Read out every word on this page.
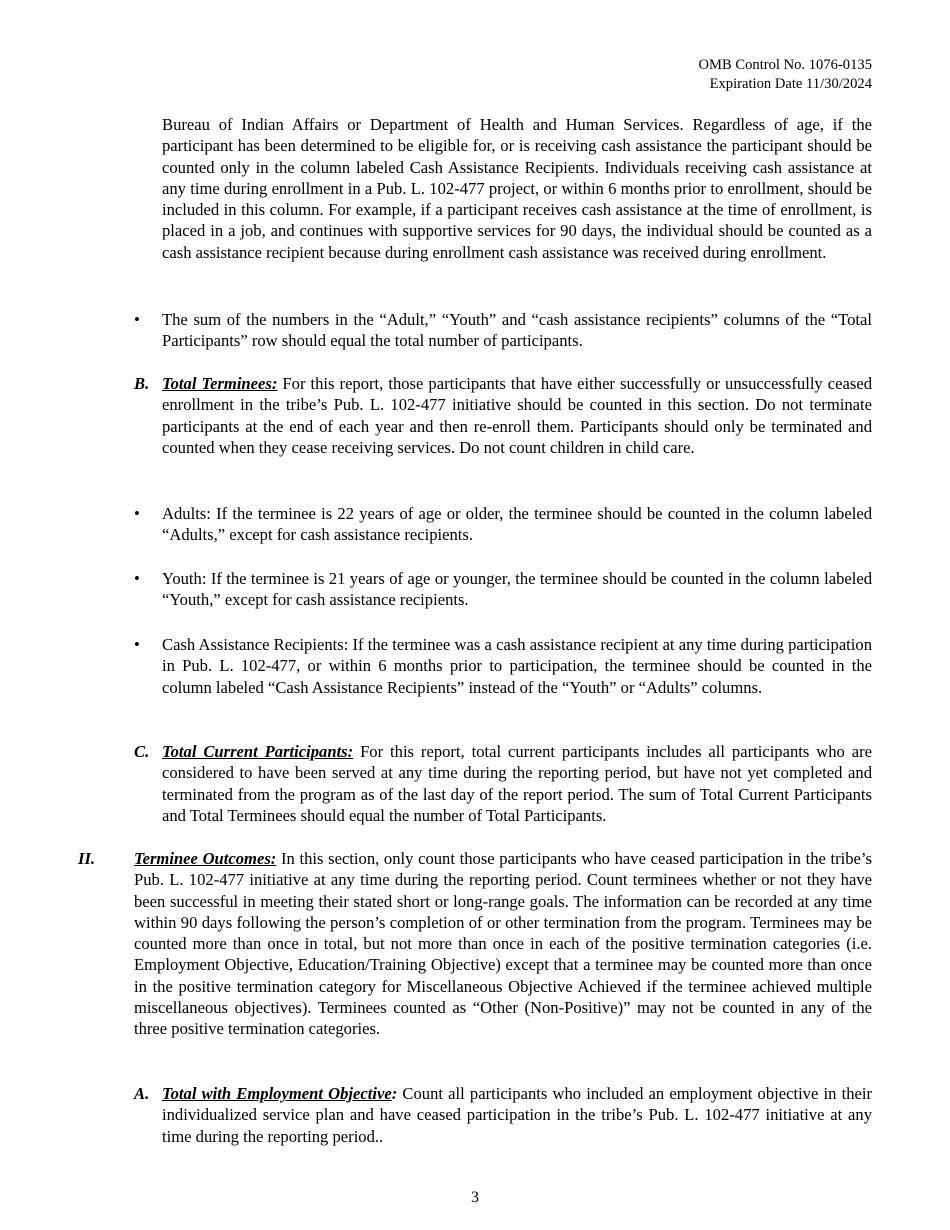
OMB Control No. 1076-0135
Expiration Date 11/30/2024
Bureau of Indian Affairs or Department of Health and Human Services. Regardless of age, if the participant has been determined to be eligible for, or is receiving cash assistance the participant should be counted only in the column labeled Cash Assistance Recipients. Individuals receiving cash assistance at any time during enrollment in a Pub. L. 102-477 project, or within 6 months prior to enrollment, should be included in this column. For example, if a participant receives cash assistance at the time of enrollment, is placed in a job, and continues with supportive services for 90 days, the individual should be counted as a cash assistance recipient because during enrollment cash assistance was received during enrollment.
• The sum of the numbers in the “Adult,” “Youth” and “cash assistance recipients” columns of the “Total Participants” row should equal the total number of participants.
B. Total Terminees: For this report, those participants that have either successfully or unsuccessfully ceased enrollment in the tribe’s Pub. L. 102-477 initiative should be counted in this section. Do not terminate participants at the end of each year and then re-enroll them. Participants should only be terminated and counted when they cease receiving services. Do not count children in child care.
• Adults: If the terminee is 22 years of age or older, the terminee should be counted in the column labeled “Adults,” except for cash assistance recipients.
• Youth: If the terminee is 21 years of age or younger, the terminee should be counted in the column labeled “Youth,” except for cash assistance recipients.
• Cash Assistance Recipients: If the terminee was a cash assistance recipient at any time during participation in Pub. L. 102-477, or within 6 months prior to participation, the terminee should be counted in the column labeled “Cash Assistance Recipients” instead of the “Youth” or “Adults” columns.
C. Total Current Participants: For this report, total current participants includes all participants who are considered to have been served at any time during the reporting period, but have not yet completed and terminated from the program as of the last day of the report period. The sum of Total Current Participants and Total Terminees should equal the number of Total Participants.
II. Terminee Outcomes: In this section, only count those participants who have ceased participation in the tribe’s Pub. L. 102-477 initiative at any time during the reporting period. Count terminees whether or not they have been successful in meeting their stated short or long-range goals. The information can be recorded at any time within 90 days following the person’s completion of or other termination from the program. Terminees may be counted more than once in total, but not more than once in each of the positive termination categories (i.e. Employment Objective, Education/Training Objective) except that a terminee may be counted more than once in the positive termination category for Miscellaneous Objective Achieved if the terminee achieved multiple miscellaneous objectives). Terminees counted as “Other (Non-Positive)” may not be counted in any of the three positive termination categories.
A. Total with Employment Objective: Count all participants who included an employment objective in their individualized service plan and have ceased participation in the tribe’s Pub. L. 102-477 initiative at any time during the reporting period..
3
